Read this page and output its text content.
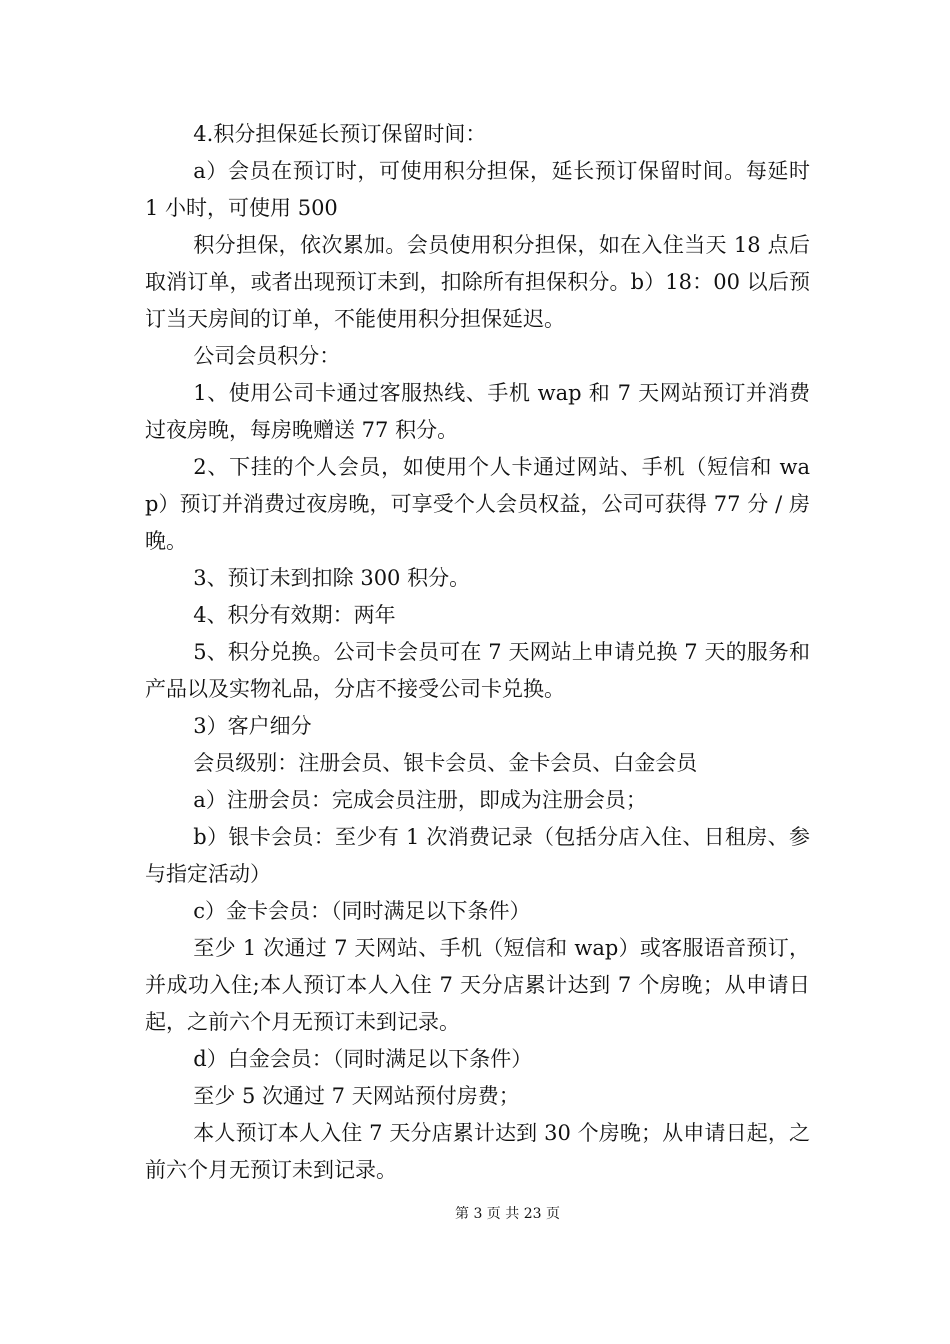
4.积分担保延长预订保留时间：

a）会员在预订时，可使用积分担保，延长预订保留时间。每延时 1 小时，可使用 500

积分担保，依次累加。会员使用积分担保，如在入住当天 18 点后取消订单，或者出现预订未到，扣除所有担保积分。b）18：00 以后预订当天房间的订单，不能使用积分担保延迟。

公司会员积分：

1、使用公司卡通过客服热线、手机 wap 和 7 天网站预订并消费过夜房晚，每房晚赠送 77 积分。

2、下挂的个人会员，如使用个人卡通过网站、手机（短信和 wap）预订并消费过夜房晚，可享受个人会员权益，公司可获得 77 分 / 房晚。

3、预订未到扣除 300 积分。

4、积分有效期：两年

5、积分兑换。公司卡会员可在 7 天网站上申请兑换 7 天的服务和产品以及实物礼品，分店不接受公司卡兑换。

3）客户细分

会员级别：注册会员、银卡会员、金卡会员、白金会员

a）注册会员：完成会员注册，即成为注册会员；

b）银卡会员：至少有 1 次消费记录（包括分店入住、日租房、参与指定活动）

c）金卡会员：（同时满足以下条件）

至少 1 次通过 7 天网站、手机（短信和 wap）或客服语音预订，并成功入住;本人预订本人入住 7 天分店累计达到 7 个房晚；从申请日起，之前六个月无预订未到记录。

d）白金会员：（同时满足以下条件）

至少 5 次通过 7 天网站预付房费；

本人预订本人入住 7 天分店累计达到 30 个房晚；从申请日起，之前六个月无预订未到记录。

第 3 页 共 23 页
